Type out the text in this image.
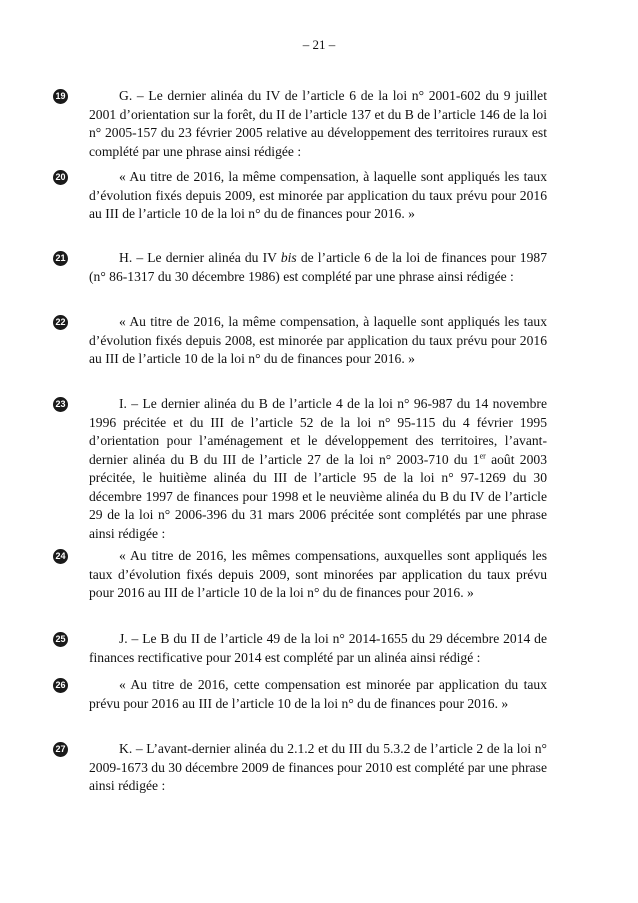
– 21 –
19	G. – Le dernier alinéa du IV de l’article 6 de la loi n° 2001-602 du 9 juillet 2001 d’orientation sur la forêt, du II de l’article 137 et du B de l’article 146 de la loi n° 2005-157 du 23 février 2005 relative au développement des territoires ruraux est complété par une phrase ainsi rédigée :
20	« Au titre de 2016, la même compensation, à laquelle sont appliqués les taux d’évolution fixés depuis 2009, est minorée par application du taux prévu pour 2016 au III de l’article 10 de la loi n° du de finances pour 2016. »
21	H. – Le dernier alinéa du IV bis de l’article 6 de la loi de finances pour 1987 (n° 86-1317 du 30 décembre 1986) est complété par une phrase ainsi rédigée :
22	« Au titre de 2016, la même compensation, à laquelle sont appliqués les taux d’évolution fixés depuis 2008, est minorée par application du taux prévu pour 2016 au III de l’article 10 de la loi n° du de finances pour 2016. »
23	I. – Le dernier alinéa du B de l’article 4 de la loi n° 96-987 du 14 novembre 1996 précitée et du III de l’article 52 de la loi n° 95-115 du 4 février 1995 d’orientation pour l’aménagement et le développement des territoires, l’avant-dernier alinéa du B du III de l’article 27 de la loi n° 2003-710 du 1er août 2003 précitée, le huitième alinéa du III de l’article 95 de la loi n° 97-1269 du 30 décembre 1997 de finances pour 1998 et le neuvième alinéa du B du IV de l’article 29 de la loi n° 2006-396 du 31 mars 2006 précitée sont complétés par une phrase ainsi rédigée :
24	« Au titre de 2016, les mêmes compensations, auxquelles sont appliqués les taux d’évolution fixés depuis 2009, sont minorées par application du taux prévu pour 2016 au III de l’article 10 de la loi n° du de finances pour 2016. »
25	J. – Le B du II de l’article 49 de la loi n° 2014-1655 du 29 décembre 2014 de finances rectificative pour 2014 est complété par un alinéa ainsi rédigé :
26	« Au titre de 2016, cette compensation est minorée par application du taux prévu pour 2016 au III de l’article 10 de la loi n° du de finances pour 2016. »
27	K. – L’avant-dernier alinéa du 2.1.2 et du III du 5.3.2 de l’article 2 de la loi n° 2009-1673 du 30 décembre 2009 de finances pour 2010 est complété par une phrase ainsi rédigée :
